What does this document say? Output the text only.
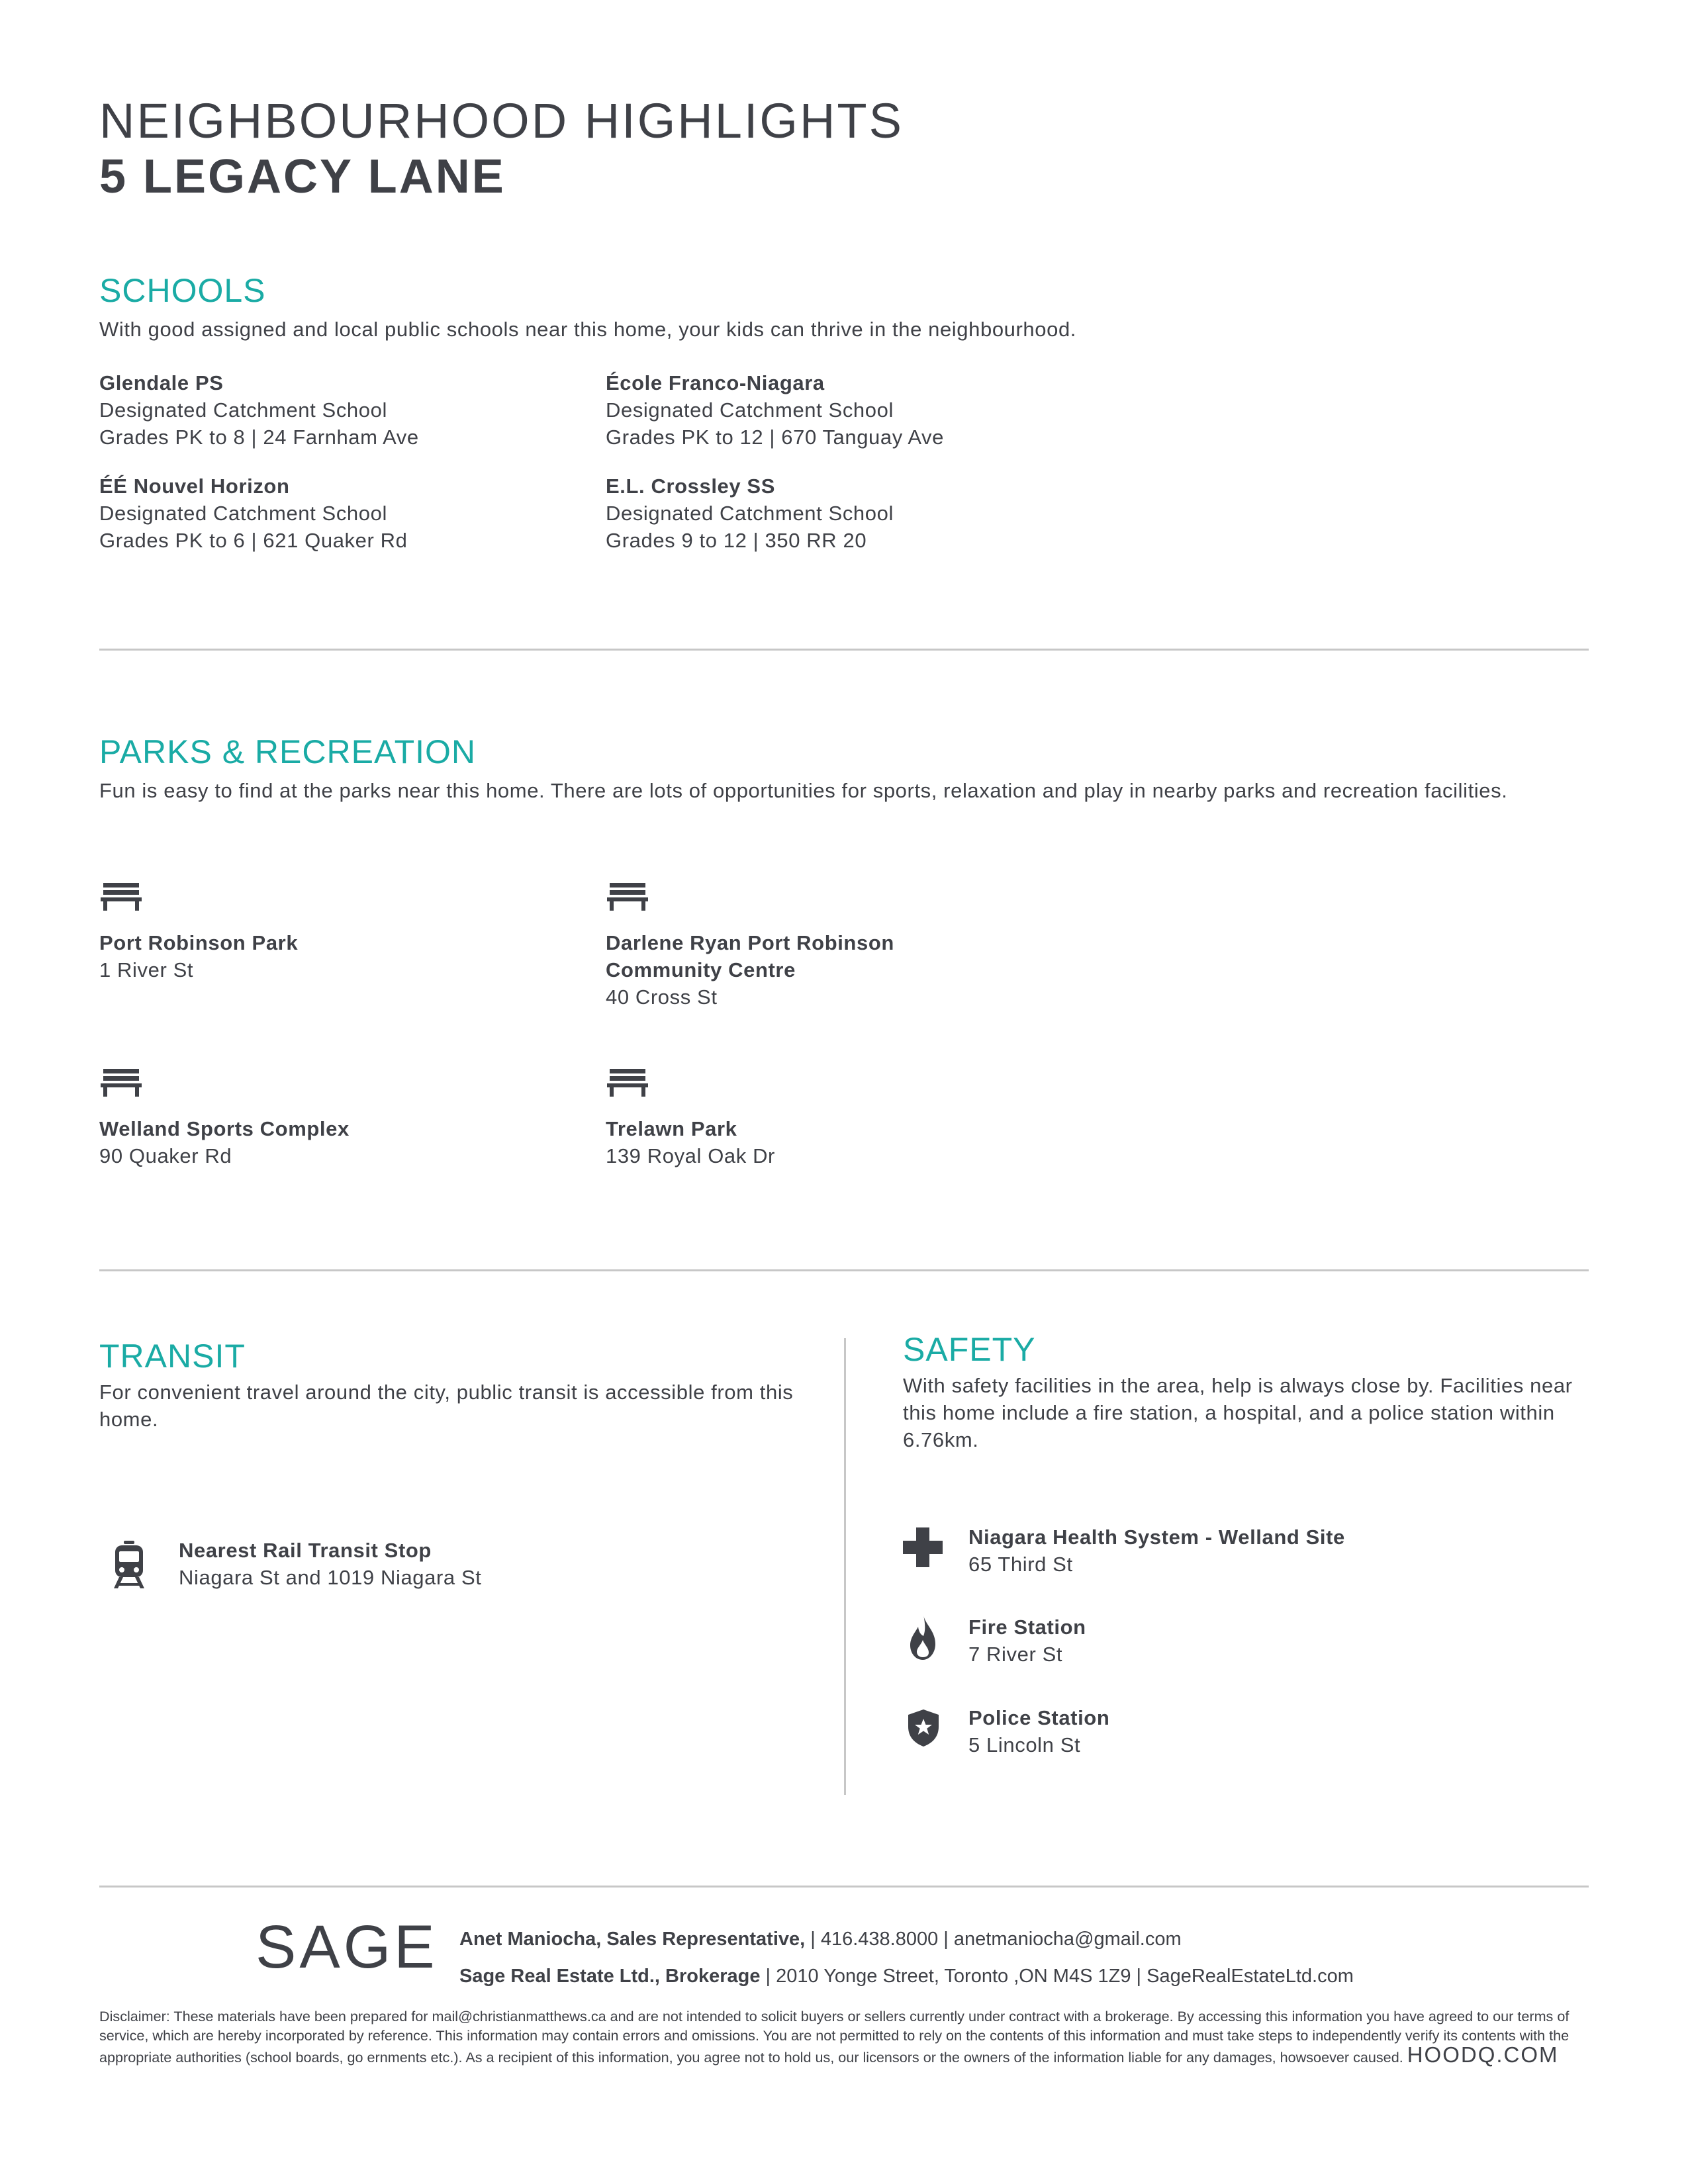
NEIGHBOURHOOD HIGHLIGHTS
5 LEGACY LANE
SCHOOLS
With good assigned and local public schools near this home, your kids can thrive in the neighbourhood.
Glendale PS
Designated Catchment School
Grades PK to 8 | 24 Farnham Ave
École Franco-Niagara
Designated Catchment School
Grades PK to 12 | 670 Tanguay Ave
ÉÉ Nouvel Horizon
Designated Catchment School
Grades PK to 6 | 621 Quaker Rd
E.L. Crossley SS
Designated Catchment School
Grades 9 to 12 | 350 RR 20
PARKS & RECREATION
Fun is easy to find at the parks near this home. There are lots of opportunities for sports, relaxation and play in nearby parks and recreation facilities.
Port Robinson Park
1 River St
Darlene Ryan Port Robinson
Community Centre
40 Cross St
Welland Sports Complex
90 Quaker Rd
Trelawn Park
139 Royal Oak Dr
TRANSIT
For convenient travel around the city, public transit is accessible from this home.
Nearest Rail Transit Stop
Niagara St and 1019 Niagara St
SAFETY
With safety facilities in the area, help is always close by. Facilities near this home include a fire station, a hospital, and a police station within 6.76km.
Niagara Health System - Welland Site
65 Third St
Fire Station
7 River St
Police Station
5 Lincoln St
SAGE Anet Maniocha, Sales Representative, | 416.438.8000 | anetmaniocha@gmail.com
Sage Real Estate Ltd., Brokerage | 2010 Yonge Street, Toronto ,ON M4S 1Z9 | SageRealEstateLtd.com
Disclaimer: These materials have been prepared for mail@christianmatthews.ca and are not intended to solicit buyers or sellers currently under contract with a brokerage. By accessing this information you have agreed to our terms of service, which are hereby incorporated by reference. This information may contain errors and omissions. You are not permitted to rely on the contents of this information and must take steps to independently verify its contents with the appropriate authorities (school boards, go ernments etc.). As a recipient of this information, you agree not to hold us, our licensors or the owners of the information liable for any damages, howsoever caused. HOODQ.COM
